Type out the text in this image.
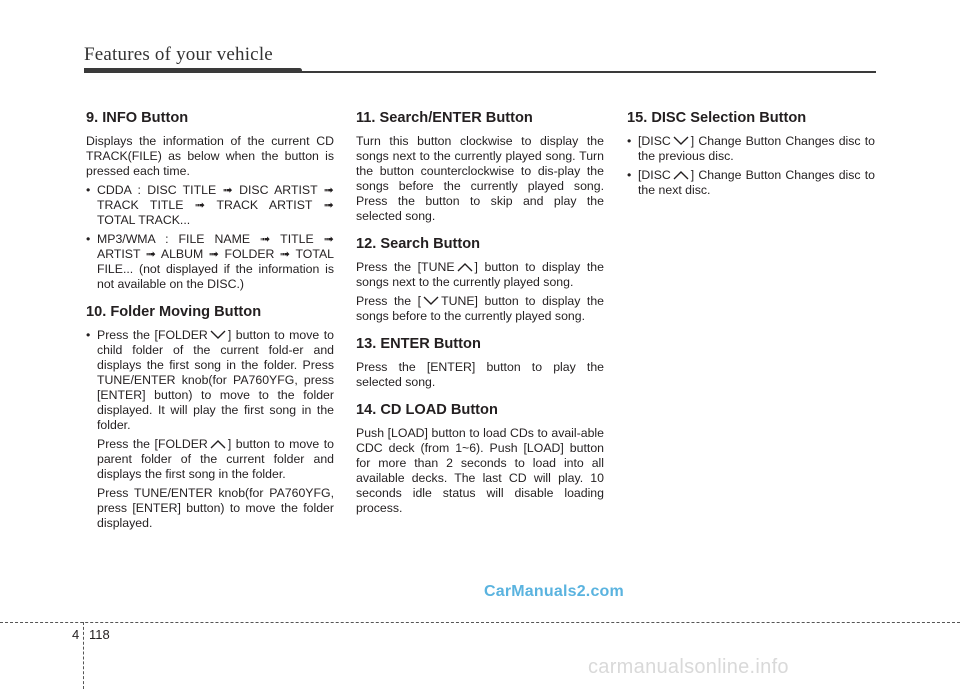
Features of your vehicle
9. INFO Button

Displays the information of the current CD TRACK(FILE) as below when the button is pressed each time.

• CDDA : DISC TITLE ➟ DISC ARTIST ➟ TRACK TITLE ➟ TRACK ARTIST ➟ TOTAL TRACK...
• MP3/WMA : FILE NAME ➟ TITLE ➟ ARTIST ➟ ALBUM ➟ FOLDER ➟ TOTAL FILE... (not displayed if the information is not available on the DISC.)
10. Folder Moving Button
• Press the [FOLDER ] button to move to child folder of the current fold-er and displays the first song in the folder. Press TUNE/ENTER knob(for PA760YFG, press [ENTER] button) to move to the folder displayed. It will play the first song in the folder.

Press the [FOLDER ] button to move to parent folder of the current folder and displays the first song in the folder.

Press TUNE/ENTER knob(for PA760YFG, press [ENTER] button) to move the folder displayed.

11. Search/ENTER Button

Turn this button clockwise to display the songs next to the currently played song. Turn the button counterclockwise to dis-play the songs before the currently played song. Press the button to skip and play the selected song.

12. Search Button

Press the [TUNE ] button to display the songs next to the currently played song.

Press the [ TUNE] button to display the songs before to the currently played song.

13. ENTER Button

Press the [ENTER] button to play the selected song.

14. CD LOAD Button

Push [LOAD] button to load CDs to avail-able CDC deck (from 1~6). Push [LOAD] button for more than 2 seconds to load into all available decks. The last CD will play. 10 seconds idle status will disable loading process.

15. DISC Selection Button
• [DISC ] Change Button Changes disc to the previous disc.
• [DISC ] Change Button Changes disc to the next disc.
CarManuals2.com
4 118
carmanualsonline.info
